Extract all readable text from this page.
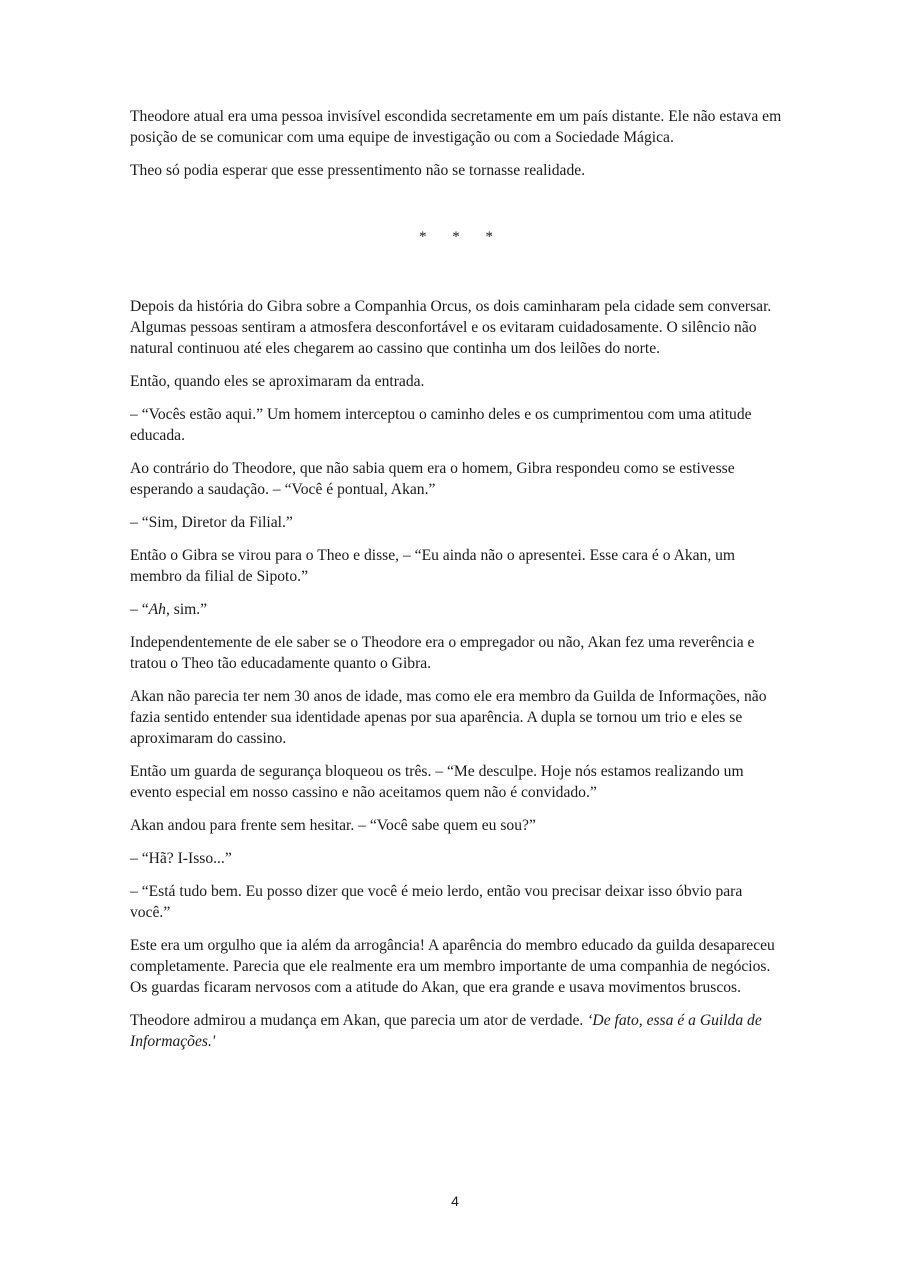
Theodore atual era uma pessoa invisível escondida secretamente em um país distante. Ele não estava em posição de se comunicar com uma equipe de investigação ou com a Sociedade Mágica.

Theo só podia esperar que esse pressentimento não se tornasse realidade.

* * *

Depois da história do Gibra sobre a Companhia Orcus, os dois caminharam pela cidade sem conversar. Algumas pessoas sentiram a atmosfera desconfortável e os evitaram cuidadosamente. O silêncio não natural continuou até eles chegarem ao cassino que continha um dos leilões do norte.

Então, quando eles se aproximaram da entrada.

– “Vocês estão aqui.” Um homem interceptou o caminho deles e os cumprimentou com uma atitude educada.

Ao contrário do Theodore, que não sabia quem era o homem, Gibra respondeu como se estivesse esperando a saudação. – “Você é pontual, Akan.”

– “Sim, Diretor da Filial.”

Então o Gibra se virou para o Theo e disse, – “Eu ainda não o apresentei. Esse cara é o Akan, um membro da filial de Sipoto.”

– “Ah, sim.”

Independentemente de ele saber se o Theodore era o empregador ou não, Akan fez uma reverência e tratou o Theo tão educadamente quanto o Gibra.

Akan não parecia ter nem 30 anos de idade, mas como ele era membro da Guilda de Informações, não fazia sentido entender sua identidade apenas por sua aparência. A dupla se tornou um trio e eles se aproximaram do cassino.

Então um guarda de segurança bloqueou os três. – “Me desculpe. Hoje nós estamos realizando um evento especial em nosso cassino e não aceitamos quem não é convidado.”

Akan andou para frente sem hesitar. – “Você sabe quem eu sou?”

– “Hã? I-Isso...”

– “Está tudo bem. Eu posso dizer que você é meio lerdo, então vou precisar deixar isso óbvio para você.”

Este era um orgulho que ia além da arrogância! A aparência do membro educado da guilda desapareceu completamente. Parecia que ele realmente era um membro importante de uma companhia de negócios. Os guardas ficaram nervosos com a atitude do Akan, que era grande e usava movimentos bruscos.

Theodore admirou a mudança em Akan, que parecia um ator de verdade. ‘De fato, essa é a Guilda de Informações.'

4
